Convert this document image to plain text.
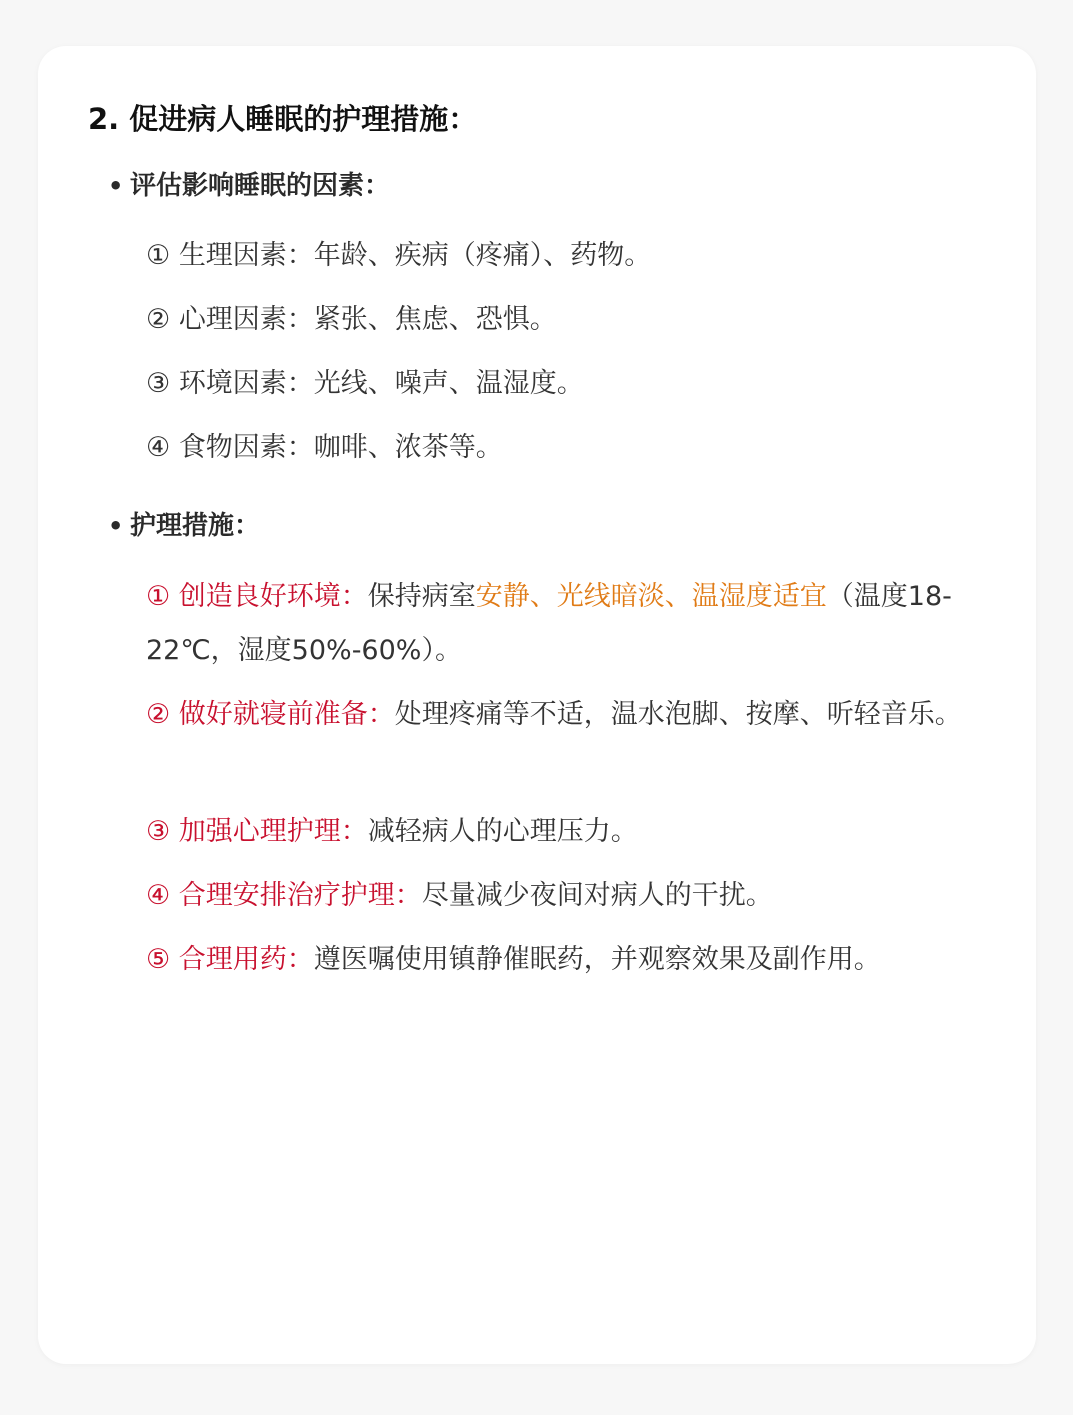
2. 促进病人睡眠的护理措施：

• 评估影响睡眠的因素：

① 生理因素：年龄、疾病（疼痛）、药物。

② 心理因素：紧张、焦虑、恐惧。

③ 环境因素：光线、噪声、温湿度。

④ 食物因素：咖啡、浓茶等。

• 护理措施：

① 创造良好环境：保持病室安静、光线暗淡、温湿度适宜（温度18-22℃，湿度50%-60%）。

② 做好就寝前准备：处理疼痛等不适，温水泡脚、按摩、听轻音乐。

③ 加强心理护理：减轻病人的心理压力。

④ 合理安排治疗护理：尽量减少夜间对病人的干扰。

⑤ 合理用药：遵医嘱使用镇静催眠药，并观察效果及副作用。
